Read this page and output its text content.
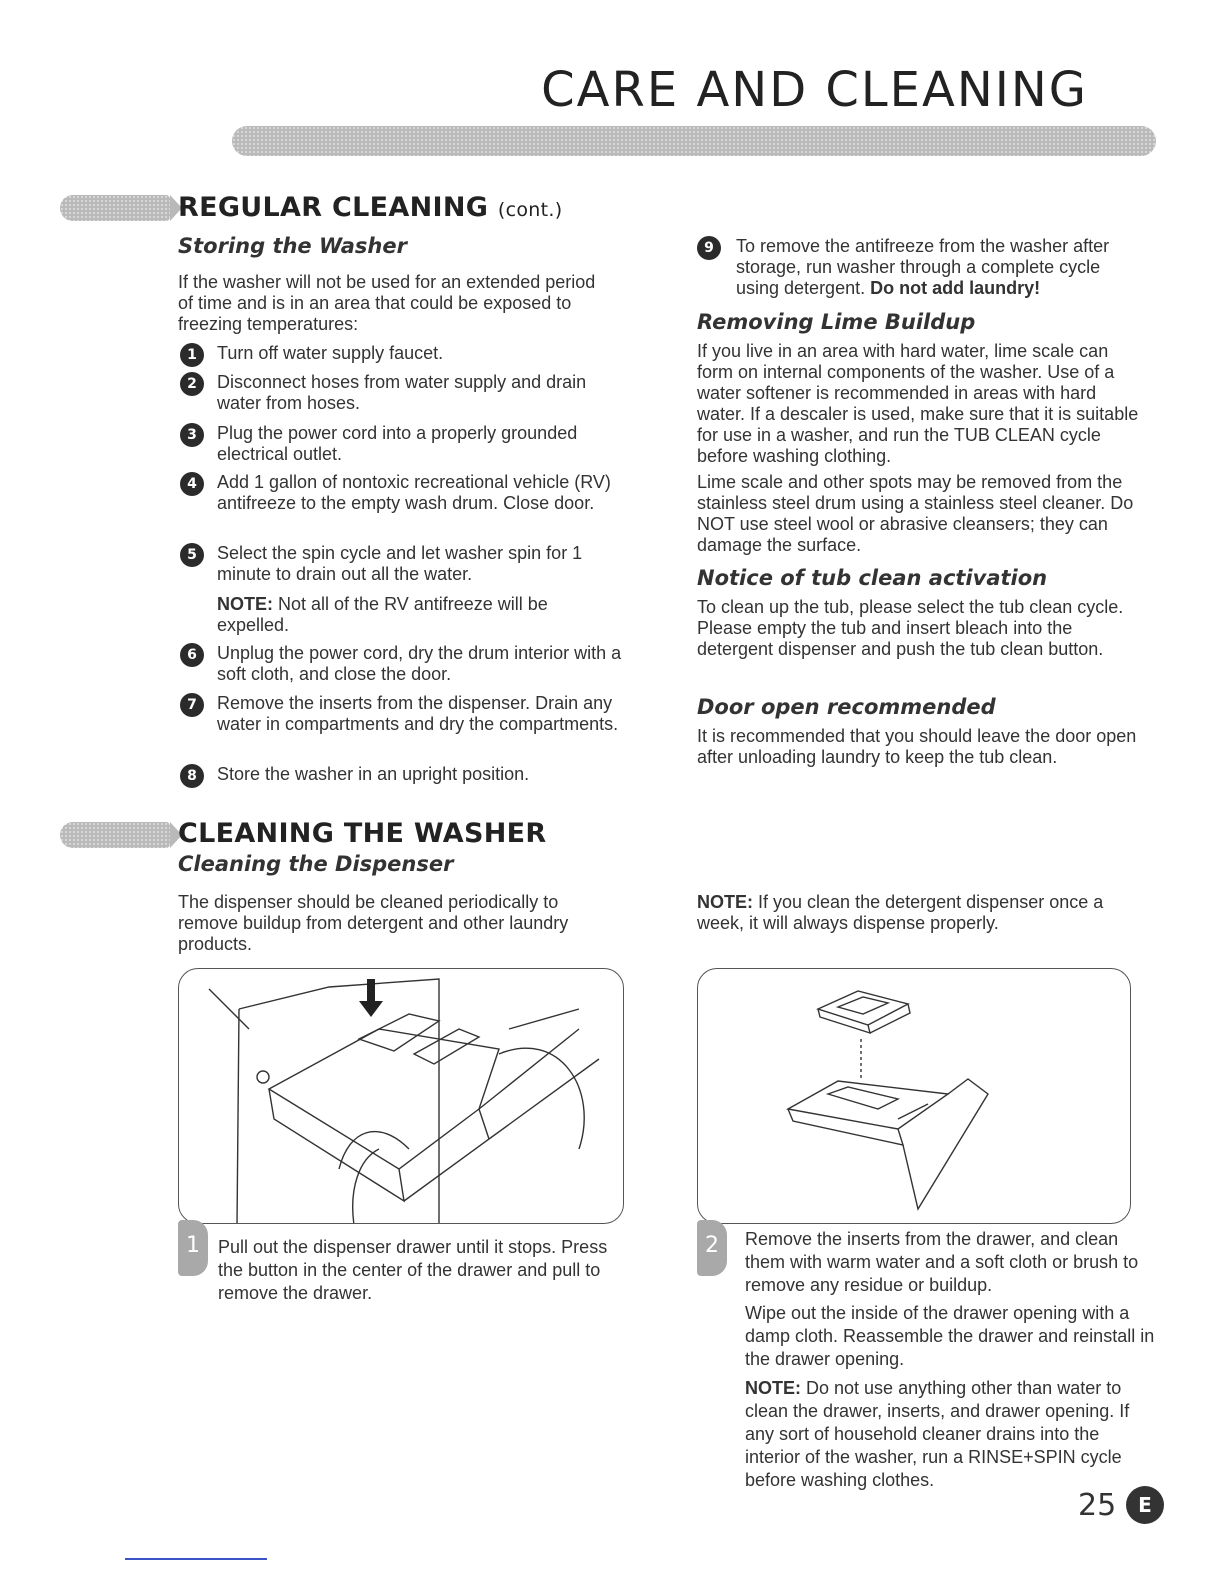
CARE AND CLEANING
REGULAR CLEANING (cont.)
Storing the Washer
If the washer will not be used for an extended period of time and is in an area that could be exposed to freezing temperatures:
1	Turn off water supply faucet.
2	Disconnect hoses from water supply and drain water from hoses.
3	Plug the power cord into a properly grounded electrical outlet.
4	Add 1 gallon of nontoxic recreational vehicle (RV) antifreeze to the empty wash drum. Close door.
5	Select the spin cycle and let washer spin for 1 minute to drain out all the water.
NOTE: Not all of the RV antifreeze will be expelled.
6	Unplug the power cord, dry the drum interior with a soft cloth, and close the door.
7	Remove the inserts from the dispenser. Drain any water in compartments and dry the compartments.
8	Store the washer in an upright position.
9	To remove the antifreeze from the washer after storage, run washer through a complete cycle using detergent. Do not add laundry!
Removing Lime Buildup
If you live in an area with hard water, lime scale can form on internal components of the washer. Use of a water softener is recommended in areas with hard water. If a descaler is used, make sure that it is suitable for use in a washer, and run the TUB CLEAN cycle before washing clothing.
Lime scale and other spots may be removed from the stainless steel drum using a stainless steel cleaner. Do NOT use steel wool or abrasive cleansers; they can damage the surface.
Notice of tub clean activation
To clean up the tub, please select the tub clean cycle. Please empty the tub and insert bleach into the detergent dispenser and push the tub clean button.
Door open recommended
It is recommended that you should leave the door open after unloading laundry to keep the tub clean.
CLEANING THE WASHER
Cleaning the Dispenser
The dispenser should be cleaned periodically to remove buildup from detergent and other laundry products.
NOTE: If you clean the detergent dispenser once a week, it will always dispense properly.
1	Pull out the dispenser drawer until it stops. Press the button in the center of the drawer and pull to remove the drawer.
2	Remove the inserts from the drawer, and clean them with warm water and a soft cloth or brush to remove any residue or buildup.
Wipe out the inside of the drawer opening with a damp cloth. Reassemble the drawer and reinstall in the drawer opening.
NOTE: Do not use anything other than water to clean the drawer, inserts, and drawer opening. If any sort of household cleaner drains into the interior of the washer, run a RINSE+SPIN cycle before washing clothes.
25	E
